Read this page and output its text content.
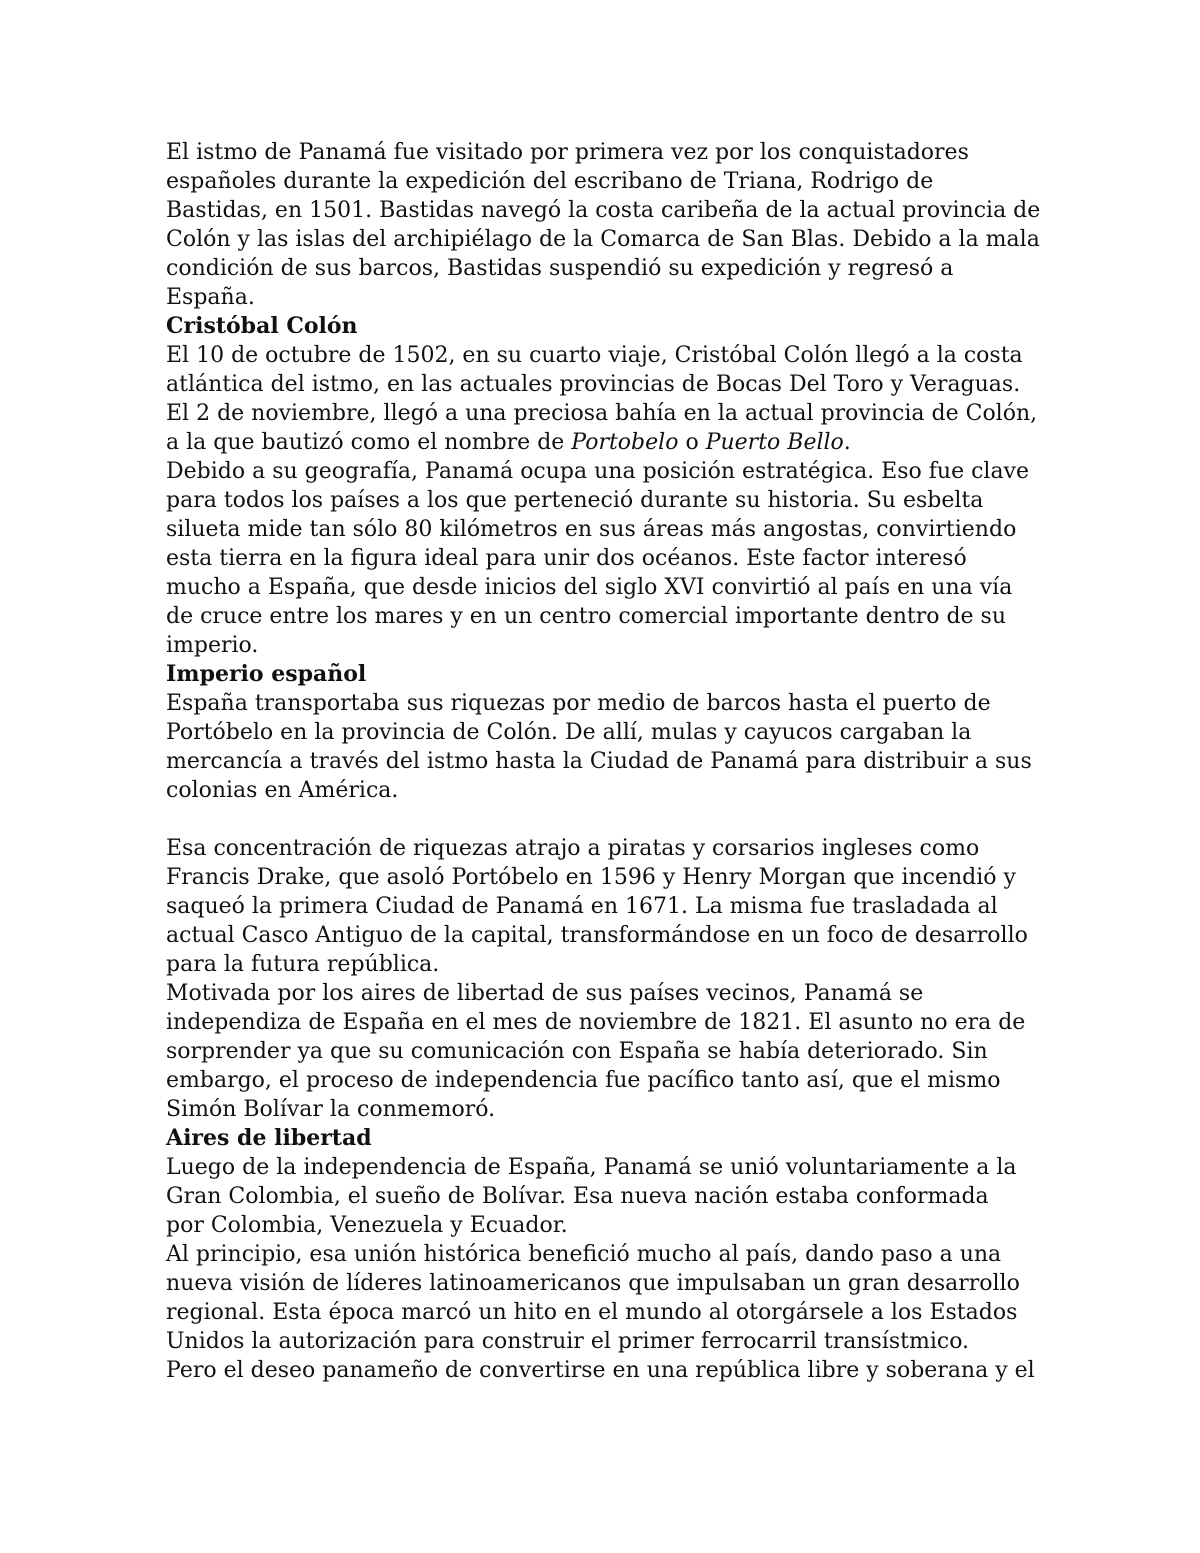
El istmo de Panamá fue visitado por primera vez por los conquistadores
españoles durante la expedición del escribano de Triana, Rodrigo de
Bastidas, en 1501. Bastidas navegó la costa caribeña de la actual provincia de
Colón y las islas del archipiélago de la Comarca de San Blas. Debido a la mala
condición de sus barcos, Bastidas suspendió su expedición y regresó a
España.
Cristóbal Colón
El 10 de octubre de 1502, en su cuarto viaje, Cristóbal Colón llegó a la costa
atlántica del istmo, en las actuales provincias de Bocas Del Toro y Veraguas.
El 2 de noviembre, llegó a una preciosa bahía en la actual provincia de Colón,
a la que bautizó como el nombre de Portobelo o Puerto Bello.
Debido a su geografía, Panamá ocupa una posición estratégica. Eso fue clave
para todos los países a los que perteneció durante su historia. Su esbelta
silueta mide tan sólo 80 kilómetros en sus áreas más angostas, convirtiendo
esta tierra en la figura ideal para unir dos océanos. Este factor interesó
mucho a España, que desde inicios del siglo XVI convirtió al país en una vía
de cruce entre los mares y en un centro comercial importante dentro de su
imperio.
Imperio español
España transportaba sus riquezas por medio de barcos hasta el puerto de
Portóbelo en la provincia de Colón. De allí, mulas y cayucos cargaban la
mercancía a través del istmo hasta la Ciudad de Panamá para distribuir a sus
colonias en América.
Esa concentración de riquezas atrajo a piratas y corsarios ingleses como
Francis Drake, que asoló Portóbelo en 1596 y Henry Morgan que incendió y
saqueó la primera Ciudad de Panamá en 1671. La misma fue trasladada al
actual Casco Antiguo de la capital, transformándose en un foco de desarrollo
para la futura república.
Motivada por los aires de libertad de sus países vecinos, Panamá se
independiza de España en el mes de noviembre de 1821. El asunto no era de
sorprender ya que su comunicación con España se había deteriorado. Sin
embargo, el proceso de independencia fue pacífico tanto así, que el mismo
Simón Bolívar la conmemoró.
Aires de libertad
Luego de la independencia de España, Panamá se unió voluntariamente a la
Gran Colombia, el sueño de Bolívar. Esa nueva nación estaba conformada
por Colombia, Venezuela y Ecuador.
Al principio, esa unión histórica benefició mucho al país, dando paso a una
nueva visión de líderes latinoamericanos que impulsaban un gran desarrollo
regional. Esta época marcó un hito en el mundo al otorgársele a los Estados
Unidos la autorización para construir el primer ferrocarril transístmico.
Pero el deseo panameño de convertirse en una república libre y soberana y el
